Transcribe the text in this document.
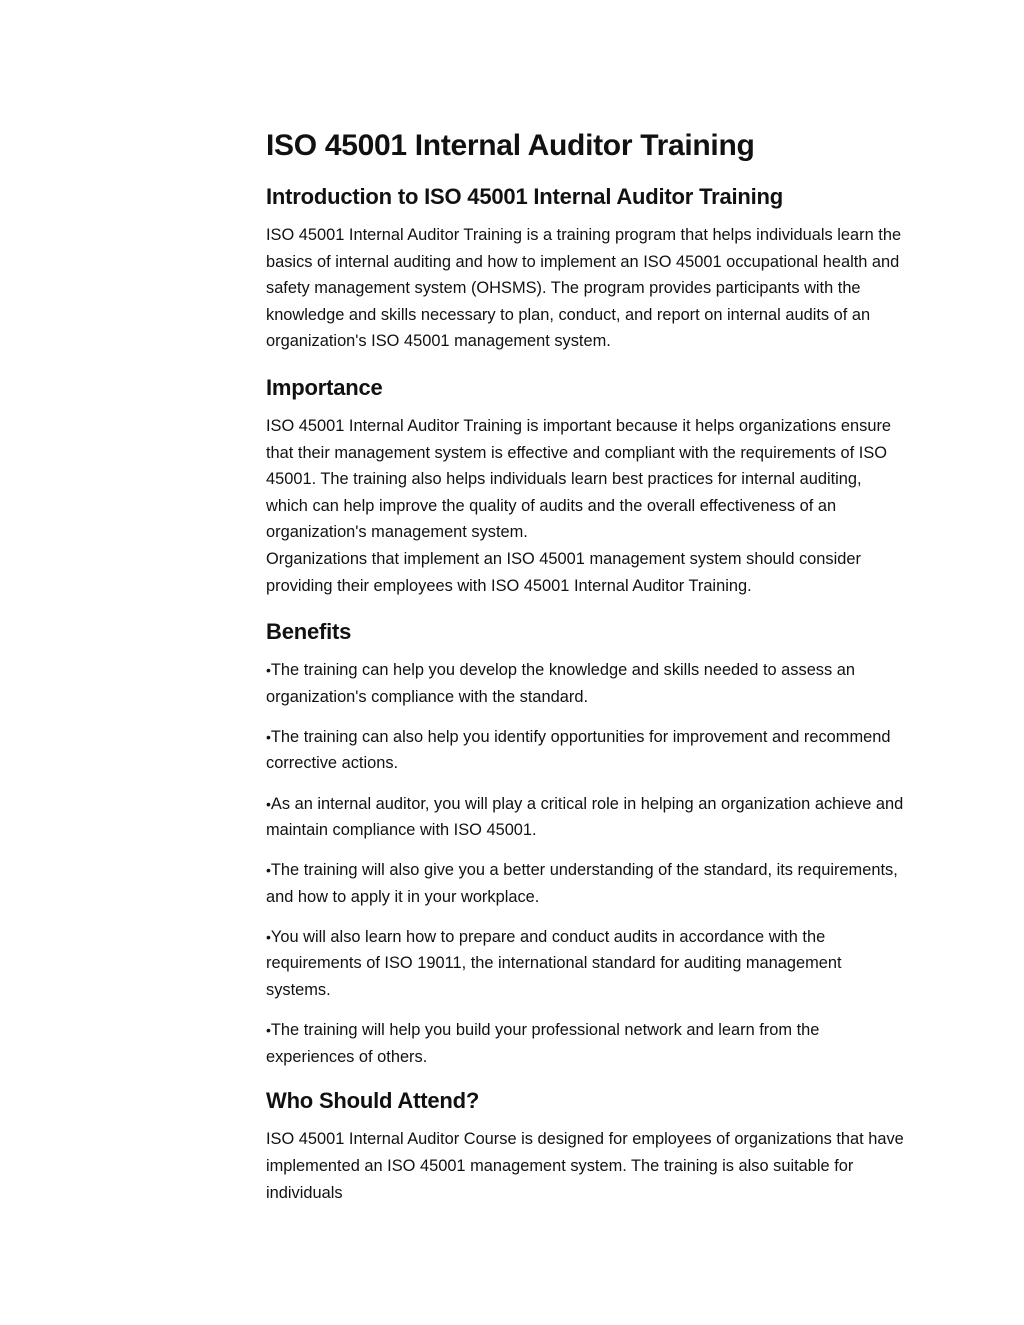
ISO 45001 Internal Auditor Training
Introduction to ISO 45001 Internal Auditor Training

ISO 45001 Internal Auditor Training is a training program that helps individuals learn the basics of internal auditing and how to implement an ISO 45001 occupational health and safety management system (OHSMS). The program provides participants with the knowledge and skills necessary to plan, conduct, and report on internal audits of an organization's ISO 45001 management system.

Importance

ISO 45001 Internal Auditor Training is important because it helps organizations ensure that their management system is effective and compliant with the requirements of ISO 45001. The training also helps individuals learn best practices for internal auditing, which can help improve the quality of audits and the overall effectiveness of an organization's management system.

Organizations that implement an ISO 45001 management system should consider providing their employees with ISO 45001 Internal Auditor Training.

Benefits
•The training can help you develop the knowledge and skills needed to assess an organization's compliance with the standard.
•The training can also help you identify opportunities for improvement and recommend corrective actions.
•As an internal auditor, you will play a critical role in helping an organization achieve and maintain compliance with ISO 45001.
•The training will also give you a better understanding of the standard, its requirements, and how to apply it in your workplace.
•You will also learn how to prepare and conduct audits in accordance with the requirements of ISO 19011, the international standard for auditing management systems.
•The training will help you build your professional network and learn from the experiences of others.
Who Should Attend?

ISO 45001 Internal Auditor Course is designed for employees of organizations that have implemented an ISO 45001 management system. The training is also suitable for individuals
